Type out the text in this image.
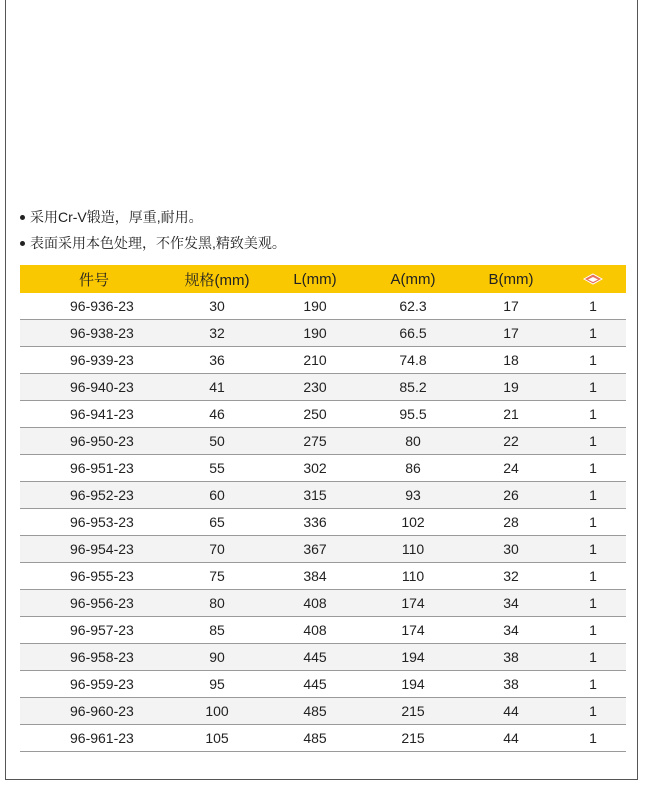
采用Cr-V锻造，厚重,耐用。
表面采用本色处理，不作发黑,精致美观。
件号	规格(mm)	L(mm)	A(mm)	B(mm)	
96-936-23	30	190	62.3	17	1
96-938-23	32	190	66.5	17	1
96-939-23	36	210	74.8	18	1
96-940-23	41	230	85.2	19	1
96-941-23	46	250	95.5	21	1
96-950-23	50	275	80	22	1
96-951-23	55	302	86	24	1
96-952-23	60	315	93	26	1
96-953-23	65	336	102	28	1
96-954-23	70	367	110	30	1
96-955-23	75	384	110	32	1
96-956-23	80	408	174	34	1
96-957-23	85	408	174	34	1
96-958-23	90	445	194	38	1
96-959-23	95	445	194	38	1
96-960-23	100	485	215	44	1
96-961-23	105	485	215	44	1
